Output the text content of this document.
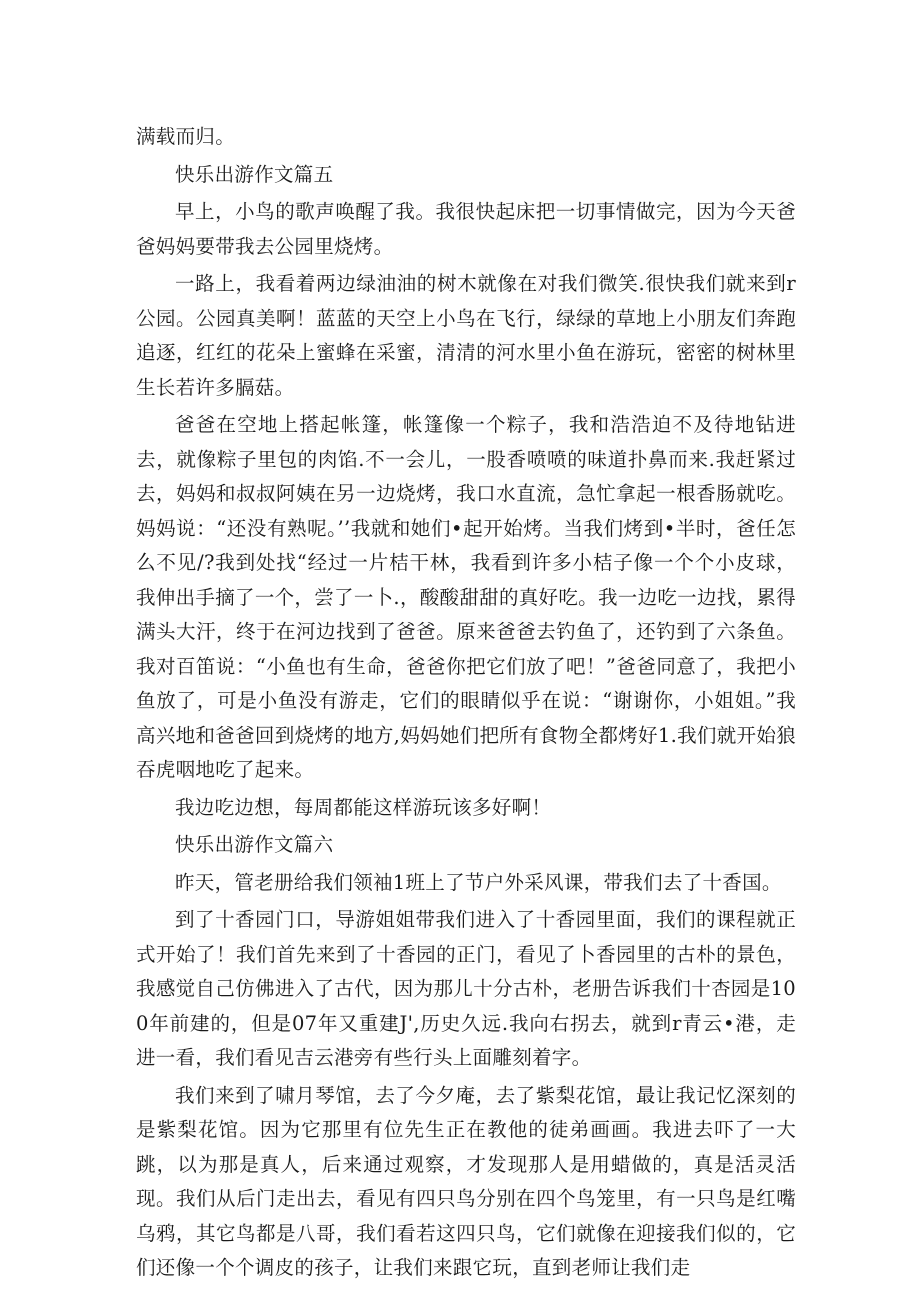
满载而归。

快乐出游作文篇五

早上，小鸟的歌声唤醒了我。我很快起床把一切事情做完，因为今天爸爸妈妈要带我去公园里烧烤。

一路上，我看着两边绿油油的树木就像在对我们微笑.很快我们就来到r公园。公园真美啊！蓝蓝的天空上小鸟在飞行，绿绿的草地上小朋友们奔跑追逐，红红的花朵上蜜蜂在采蜜，清清的河水里小鱼在游玩，密密的树林里生长若许多膈菇。

爸爸在空地上搭起帐篷，帐篷像一个粽子，我和浩浩迫不及待地钻进去，就像粽子里包的肉馅.不一会儿，一股香喷喷的味道扑鼻而来.我赶紧过去，妈妈和叔叔阿姨在另一边烧烤，我口水直流，急忙拿起一根香肠就吃。妈妈说：“还没有熟呢。’’我就和她们•起开始烤。当我们烤到•半时，爸任怎么不见/?我到处找“经过一片桔干林，我看到许多小桔子像一个个小皮球，我伸出手摘了一个，尝了一卜.，酸酸甜甜的真好吃。我一边吃一边找，累得满头大汗，终于在河边找到了爸爸。原来爸爸去钓鱼了，还钓到了六条鱼。我对百笛说：“小鱼也有生命，爸爸你把它们放了吧！”爸爸同意了，我把小鱼放了，可是小鱼没有游走，它们的眼睛似乎在说：“谢谢你，小姐姐。”我高兴地和爸爸回到烧烤的地方,妈妈她们把所有食物全都烤好1.我们就开始狼吞虎咽地吃了起来。

我边吃边想，每周都能这样游玩该多好啊！

快乐出游作文篇六

昨天，管老册给我们领袖1班上了节户外采风课，带我们去了十香国。

到了十香园门口，导游姐姐带我们进入了十香园里面，我们的课程就正式开始了！我们首先来到了十香园的正门，看见了卜香园里的古朴的景色，我感觉自己仿佛进入了古代，因为那儿十分古朴，老册告诉我们十杏园是100年前建的，但是07年又重建J',历史久远.我向右拐去，就到r青云•港，走进一看，我们看见吉云港旁有些行头上面雕刻着字。

我们来到了啸月琴馆，去了今夕庵，去了紫梨花馆，最让我记忆深刻的是紫梨花馆。因为它那里有位先生正在教他的徒弟画画。我进去吓了一大跳，以为那是真人，后来通过观察，才发现那人是用蜡做的，真是活灵活现。我们从后门走出去，看见有四只鸟分别在四个鸟笼里，有一只鸟是红嘴乌鸦，其它鸟都是八哥，我们看若这四只鸟，它们就像在迎接我们似的，它们还像一个个调皮的孩子，让我们来跟它玩，直到老师让我们走
